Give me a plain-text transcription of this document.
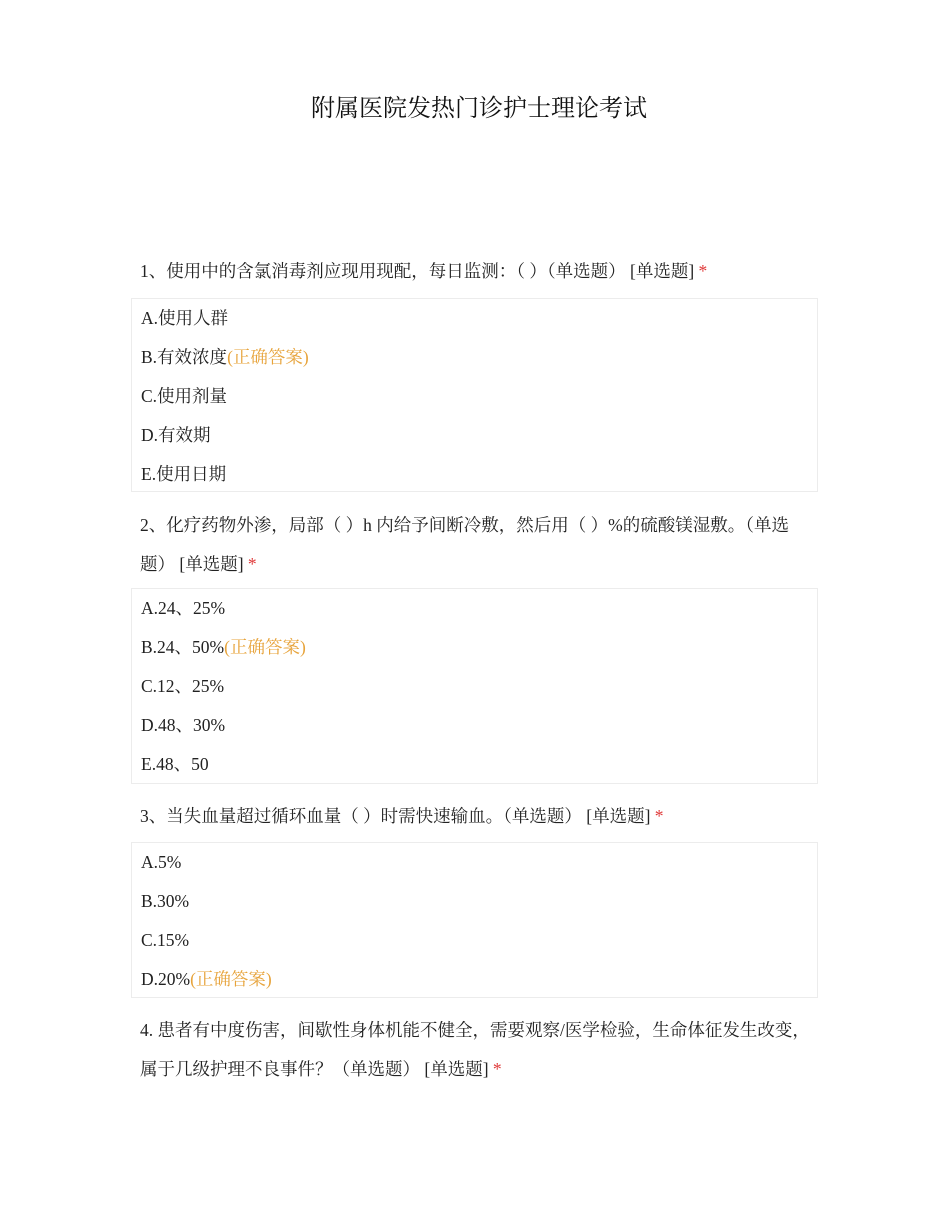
附属医院发热门诊护士理论考试
1、使用中的含氯消毒剂应现用现配，每日监测：（ ）（单选题） [单选题] *
A.使用人群
B.有效浓度(正确答案)
C.使用剂量
D.有效期
E.使用日期
2、化疗药物外渗，局部（ ）h 内给予间断冷敷，然后用（ ）%的硫酸镁湿敷。（单选题） [单选题] *
A.24、25%
B.24、50%(正确答案)
C.12、25%
D.48、30%
E.48、50
3、当失血量超过循环血量（ ）时需快速输血。（单选题） [单选题] *
A.5%
B.30%
C.15%
D.20%(正确答案)
4. 患者有中度伤害，间歇性身体机能不健全，需要观察/医学检验，生命体征发生改变，属于几级护理不良事件？（单选题） [单选题] *
